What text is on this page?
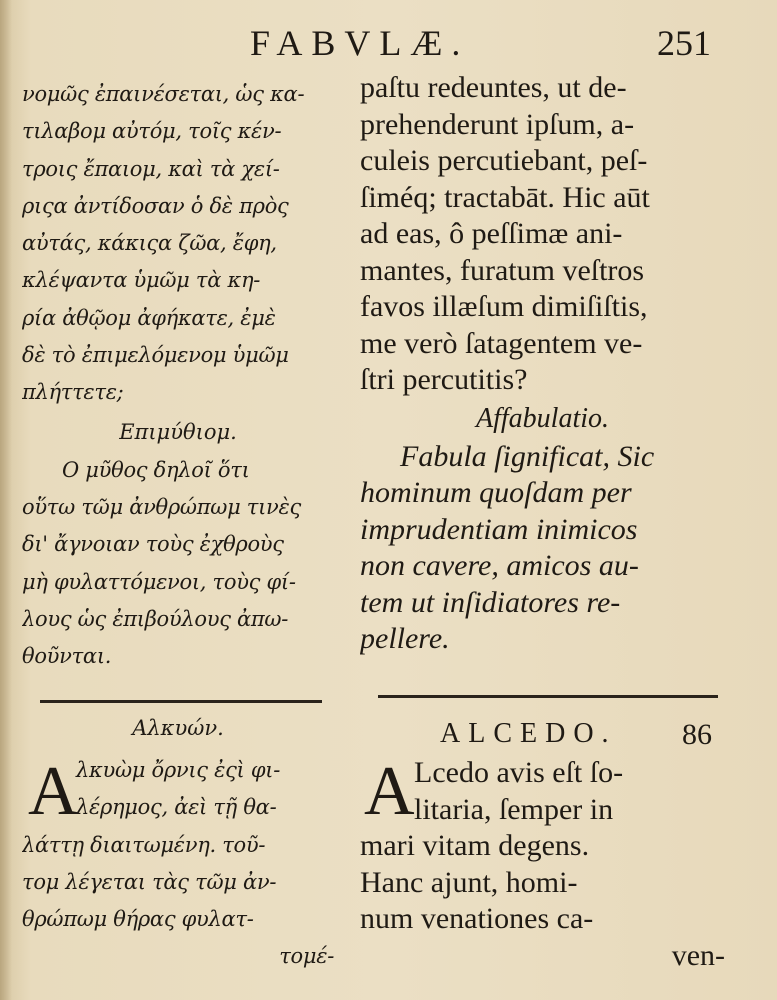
FABVLÆ.	251
νομῶς ἐπαινέσεται, ὡς κα-
τιλαβομ αὐτόμ, τοῖς κέν-
τροις ἔπαιομ, καὶ τὰ χεί-
ριςα ἀντίδοσαν ὁ δὲ πρὸς
αὐτάς, κάκιςα ζῶα, ἔφη,
κλέψαντα ὑμῶμ τὰ κη-
ρία ἀθῷομ ἀφήκατε, ἐμὲ
δὲ τὸ ἐπιμελόμενομ ὑμῶμ
πλήττετε;
Επιμύθιομ.
Ο μῦθος δηλοῖ ὅτι
οὕτω τῶμ ἀνθρώπωμ τινὲς
δι' ἄγνοιαν τοὺς ἐχθροὺς
μὴ φυλαττόμενοι, τοὺς φί-
λους ὡς ἐπιβούλους ἀπω-
θοῦνται.
paſtu redeuntes, ut de-
prehenderunt ipſum, a-
culeis percutiebant, peſ-
ſiméq; tractabāt. Hic aūt
ad eas, ô peſſimæ ani-
mantes, furatum veſtros
favos illæſum dimiſiſtis,
me verò ſatagentem ve-
ſtri percutitis?
Affabulatio.
Fabula ſignificat, Sic
hominum quoſdam per
imprudentiam inimicos
non cavere, amicos au-
tem ut inſidiatores re-
pellere.
Αλκυών.	ALCEDO. 86
A	A
λκυὼμ ὄρνις ἐςὶ φι-
λέρημος, ἀεὶ τῇ θα-
λάττῃ διαιτωμένη. τοῦ-
τομ λέγεται τὰς τῶμ ἀν-
θρώπωμ θήρας φυλατ-
τομέ-
Lcedo avis eſt ſo-
litaria, ſemper in
mari vitam degens.
Hanc ajunt, homi-
num venationes ca-
ven-
